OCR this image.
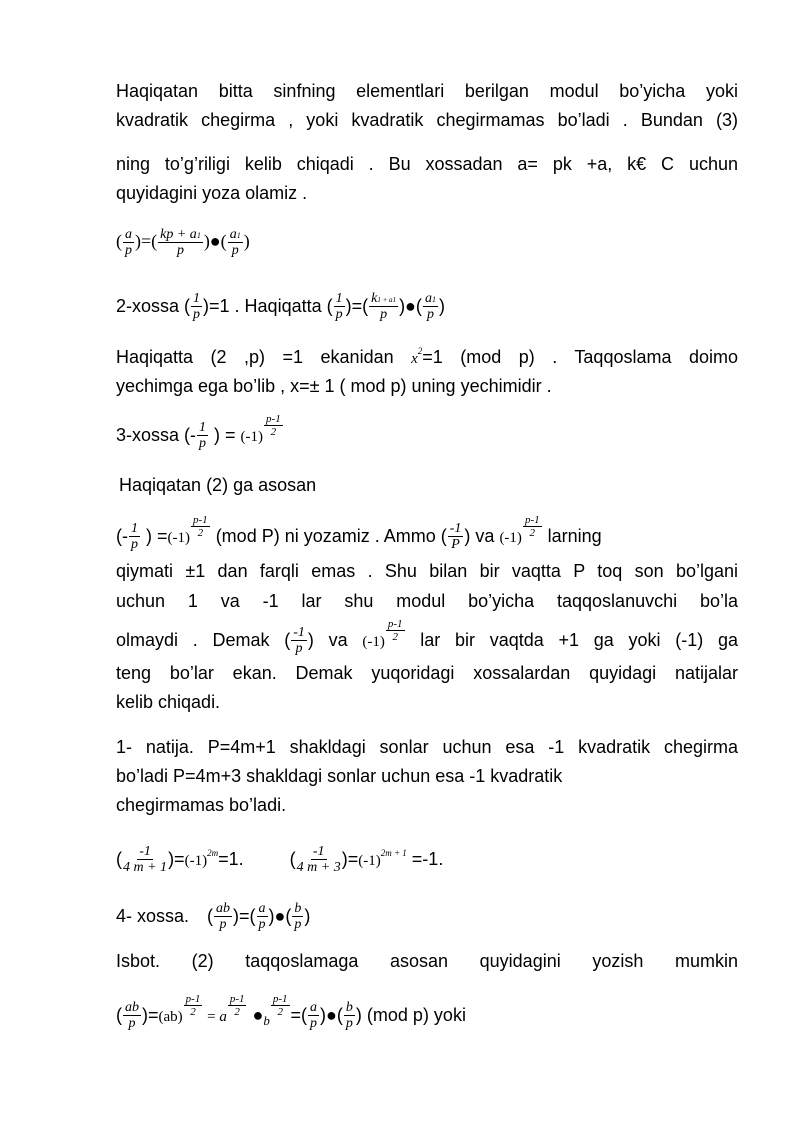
Haqiqatan bitta sinfning elementlari berilgan modul bo’yicha yoki
kvadratik chegirma , yoki kvadratik chegirmamas bo’ladi . Bundan (3)
ning to’g’riligi kelib chiqadi . Bu xossadan a= pk +a, k€ C uchun
quyidagini yoza olamiz .
( $\frac{a}{p}$ )=( $\frac{kp + a1}{p}$ )●( $\frac{a1}{p}$ )
2-xossa ( $\frac{1}{p} )=1$ . Haqiqatta ( $\frac{1}{p}$ )=( $\frac{k1 + a1}{p}$ )●( $\frac{a1}{p}$ )
Haqiqatta (2 ,p) =1 ekanidan $x^2=1$ (mod p) . Taqqoslama doimo
yechimga ega bo’lib , x=± 1 ( mod p) uning yechimidir .
3-xossa (- $\frac{1}{p}$ ) = $(-1) \frac{p-1}{2}$
Haqiqatan (2) ga asosan
(- $\frac{1}{p}$ ) $=(-1) \frac{p-1}{2} (mod$ P) ni yozamiz . Ammo ( $\frac{-1}{P}$ ) va $(-1) \frac{p-1}{2}$ larning
qiymati ±1 dan farqli emas . Shu bilan bir vaqtta P toq son bo’lgani
uchun 1 va -1 lar shu modul bo’yicha taqqoslanuvchi bo’la
olmaydi . Demak ( $\frac{-1}{p}$ ) va $(-1) \frac{p-1}{2}$ lar bir vaqtda +1 ga yoki (-1) ga
teng bo’lar ekan. Demak yuqoridagi xossalardan quyidagi natijalar
kelib chiqadi.
1- natija. P=4m+1 shakldagi sonlar uchun esa -1 kvadratik chegirma
bo’ladi P=4m+3 shakldagi sonlar uchun esa -1 kvadratik
chegirmamas bo’ladi.
( $\frac{-1}{4 m + 1} )=(-1)^{2m}=1$.	( $\frac{-1}{4 m + 3} )=(-1)^{2m + 1} =-1$.
4- xossa. ( $\frac{ab}{p}$ )=( $\frac{a}{p}$ )●( $\frac{b}{p}$ )
Isbot. (2) taqqoslamaga asosan quyidagini yozish mumkin
( $\frac{ab}{p} )=(ab) \frac{p-1}{2} = a \frac{p-1}{2}$ $●_b$
$\frac{p-1}{2}$ =( $\frac{a}{p}$ )●( $\frac{b}{p}$ ) (mod p) yoki
